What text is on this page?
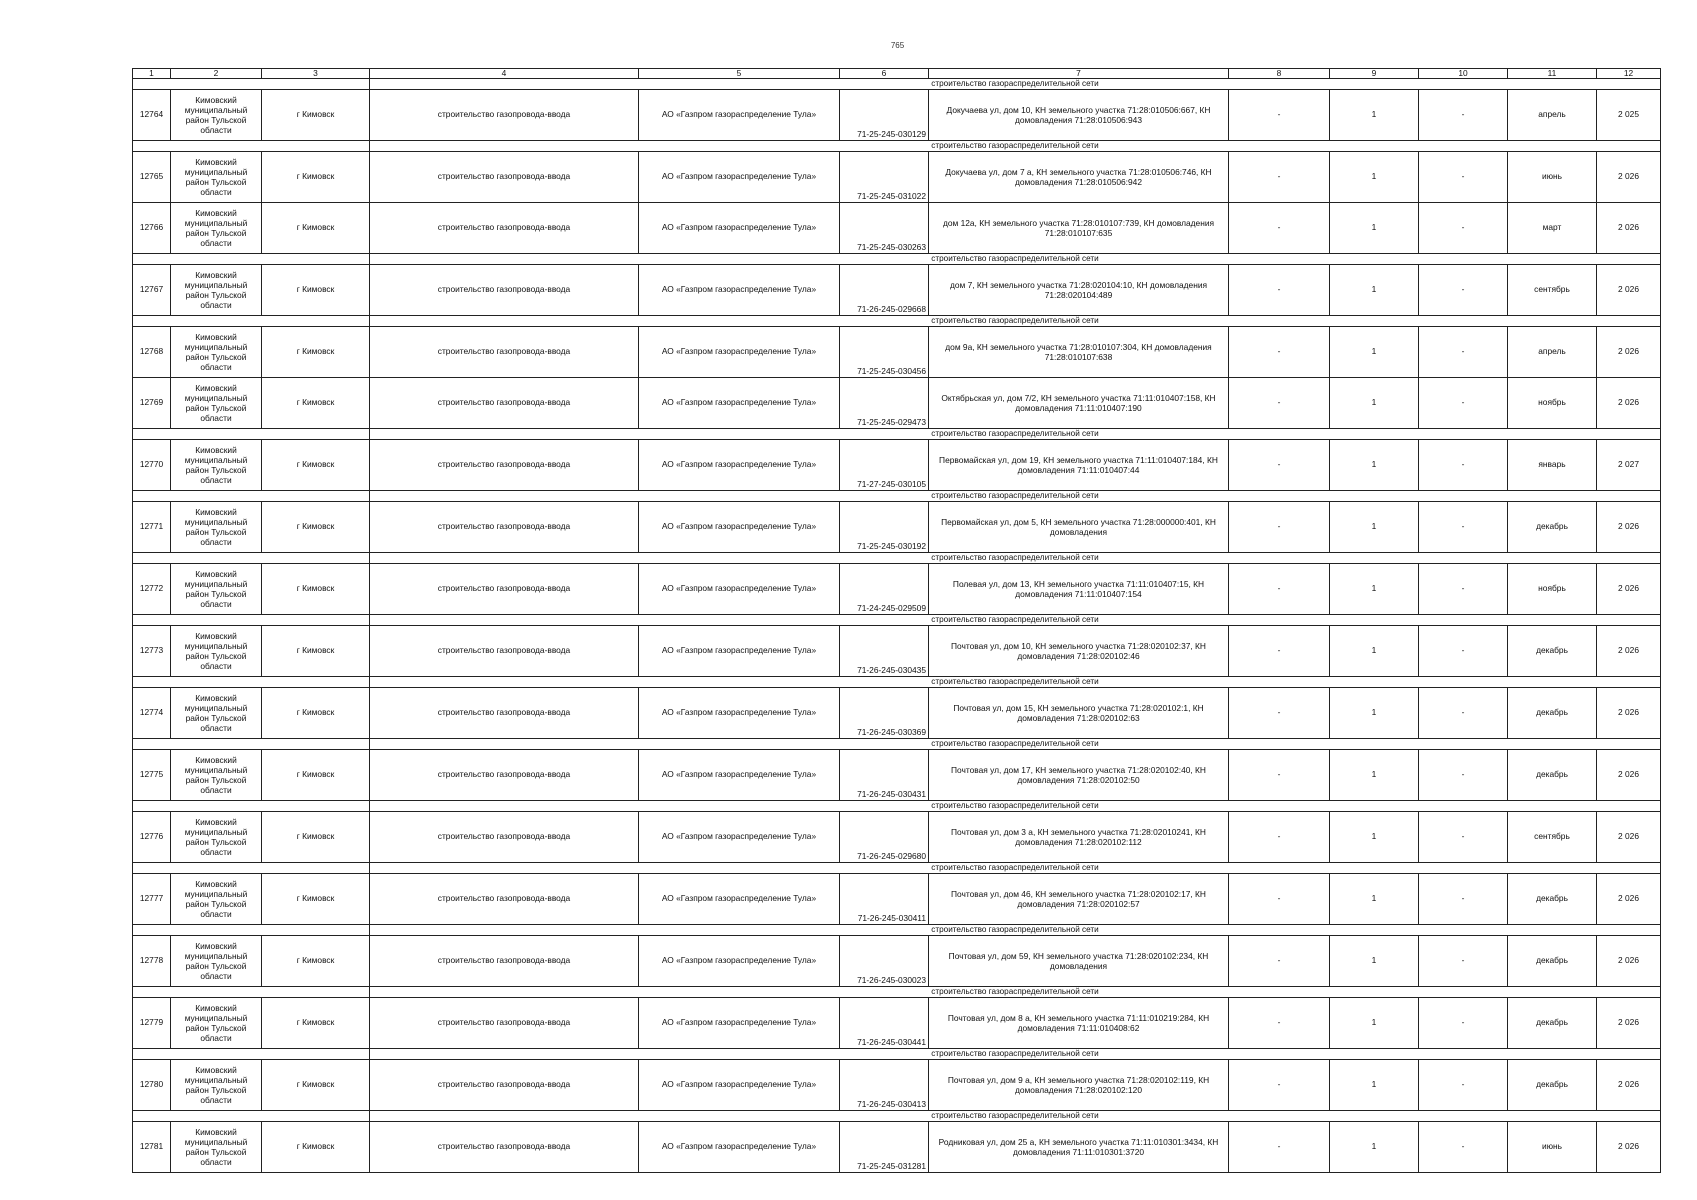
765
1	2	3	4	5	6	7	8	9	10	11	12
			строительство газораспределительной сети								
12764	Кимовский муниципальный район Тульской области	г Кимовск	строительство газопровода-ввода	АО «Газпром газораспределение Тула»	71-25-245-030129	Докучаева ул, дом 10, КН земельного участка 71:28:010506:667, КН домовладения 71:28:010506:943	-	1	-	апрель	2 025
			строительство газораспределительной сети								
12765	Кимовский муниципальный район Тульской области	г Кимовск	строительство газопровода-ввода	АО «Газпром газораспределение Тула»	71-25-245-031022	Докучаева ул, дом 7 а, КН земельного участка 71:28:010506:746, КН домовладения 71:28:010506:942	-	1	-	июнь	2 026
12766	Кимовский муниципальный район Тульской области	г Кимовск	строительство газопровода-ввода	АО «Газпром газораспределение Тула»	71-25-245-030263	дом 12а, КН земельного участка 71:28:010107:739, КН домовладения 71:28:010107:635	-	1	-	март	2 026
			строительство газораспределительной сети								
12767	Кимовский муниципальный район Тульской области	г Кимовск	строительство газопровода-ввода	АО «Газпром газораспределение Тула»	71-26-245-029668	дом 7, КН земельного участка 71:28:020104:10, КН домовладения 71:28:020104:489	-	1	-	сентябрь	2 026
			строительство газораспределительной сети								
12768	Кимовский муниципальный район Тульской области	г Кимовск	строительство газопровода-ввода	АО «Газпром газораспределение Тула»	71-25-245-030456	дом 9а, КН земельного участка 71:28:010107:304, КН домовладения 71:28:010107:638	-	1	-	апрель	2 026
12769	Кимовский муниципальный район Тульской области	г Кимовск	строительство газопровода-ввода	АО «Газпром газораспределение Тула»	71-25-245-029473	Октябрьская ул, дом 7/2, КН земельного участка 71:11:010407:158, КН домовладения 71:11:010407:190	-	1	-	ноябрь	2 026
			строительство газораспределительной сети								
12770	Кимовский муниципальный район Тульской области	г Кимовск	строительство газопровода-ввода	АО «Газпром газораспределение Тула»	71-27-245-030105	Первомайская ул, дом 19, КН земельного участка 71:11:010407:184, КН домовладения 71:11:010407:44	-	1	-	январь	2 027
			строительство газораспределительной сети								
12771	Кимовский муниципальный район Тульской области	г Кимовск	строительство газопровода-ввода	АО «Газпром газораспределение Тула»	71-25-245-030192	Первомайская ул, дом 5, КН земельного участка 71:28:000000:401, КН домовладения	-	1	-	декабрь	2 026
			строительство газораспределительной сети								
12772	Кимовский муниципальный район Тульской области	г Кимовск	строительство газопровода-ввода	АО «Газпром газораспределение Тула»	71-24-245-029509	Полевая ул, дом 13, КН земельного участка 71:11:010407:15, КН домовладения 71:11:010407:154	-	1	-	ноябрь	2 026
			строительство газораспределительной сети								
12773	Кимовский муниципальный район Тульской области	г Кимовск	строительство газопровода-ввода	АО «Газпром газораспределение Тула»	71-26-245-030435	Почтовая ул, дом 10, КН земельного участка 71:28:020102:37, КН домовладения 71:28:020102:46	-	1	-	декабрь	2 026
			строительство газораспределительной сети								
12774	Кимовский муниципальный район Тульской области	г Кимовск	строительство газопровода-ввода	АО «Газпром газораспределение Тула»	71-26-245-030369	Почтовая ул, дом 15, КН земельного участка 71:28:020102:1, КН домовладения 71:28:020102:63	-	1	-	декабрь	2 026
			строительство газораспределительной сети								
12775	Кимовский муниципальный район Тульской области	г Кимовск	строительство газопровода-ввода	АО «Газпром газораспределение Тула»	71-26-245-030431	Почтовая ул, дом 17, КН земельного участка 71:28:020102:40, КН домовладения 71:28:020102:50	-	1	-	декабрь	2 026
			строительство газораспределительной сети								
12776	Кимовский муниципальный район Тульской области	г Кимовск	строительство газопровода-ввода	АО «Газпром газораспределение Тула»	71-26-245-029680	Почтовая ул, дом 3 а, КН земельного участка 71:28:02010241, КН домовладения 71:28:020102:112	-	1	-	сентябрь	2 026
			строительство газораспределительной сети								
12777	Кимовский муниципальный район Тульской области	г Кимовск	строительство газопровода-ввода	АО «Газпром газораспределение Тула»	71-26-245-030411	Почтовая ул, дом 46, КН земельного участка 71:28:020102:17, КН домовладения 71:28:020102:57	-	1	-	декабрь	2 026
			строительство газораспределительной сети								
12778	Кимовский муниципальный район Тульской области	г Кимовск	строительство газопровода-ввода	АО «Газпром газораспределение Тула»	71-26-245-030023	Почтовая ул, дом 59, КН земельного участка 71:28:020102:234, КН домовладения	-	1	-	декабрь	2 026
			строительство газораспределительной сети								
12779	Кимовский муниципальный район Тульской области	г Кимовск	строительство газопровода-ввода	АО «Газпром газораспределение Тула»	71-26-245-030441	Почтовая ул, дом 8 а, КН земельного участка 71:11:010219:284, КН домовладения 71:11:010408:62	-	1	-	декабрь	2 026
			строительство газораспределительной сети								
12780	Кимовский муниципальный район Тульской области	г Кимовск	строительство газопровода-ввода	АО «Газпром газораспределение Тула»	71-26-245-030413	Почтовая ул, дом 9 а, КН земельного участка 71:28:020102:119, КН домовладения 71:28:020102:120	-	1	-	декабрь	2 026
			строительство газораспределительной сети								
12781	Кимовский муниципальный район Тульской области	г Кимовск	строительство газопровода-ввода	АО «Газпром газораспределение Тула»	71-25-245-031281	Родниковая ул, дом 25 а, КН земельного участка 71:11:010301:3434, КН домовладения 71:11:010301:3720	-	1	-	июнь	2 026
